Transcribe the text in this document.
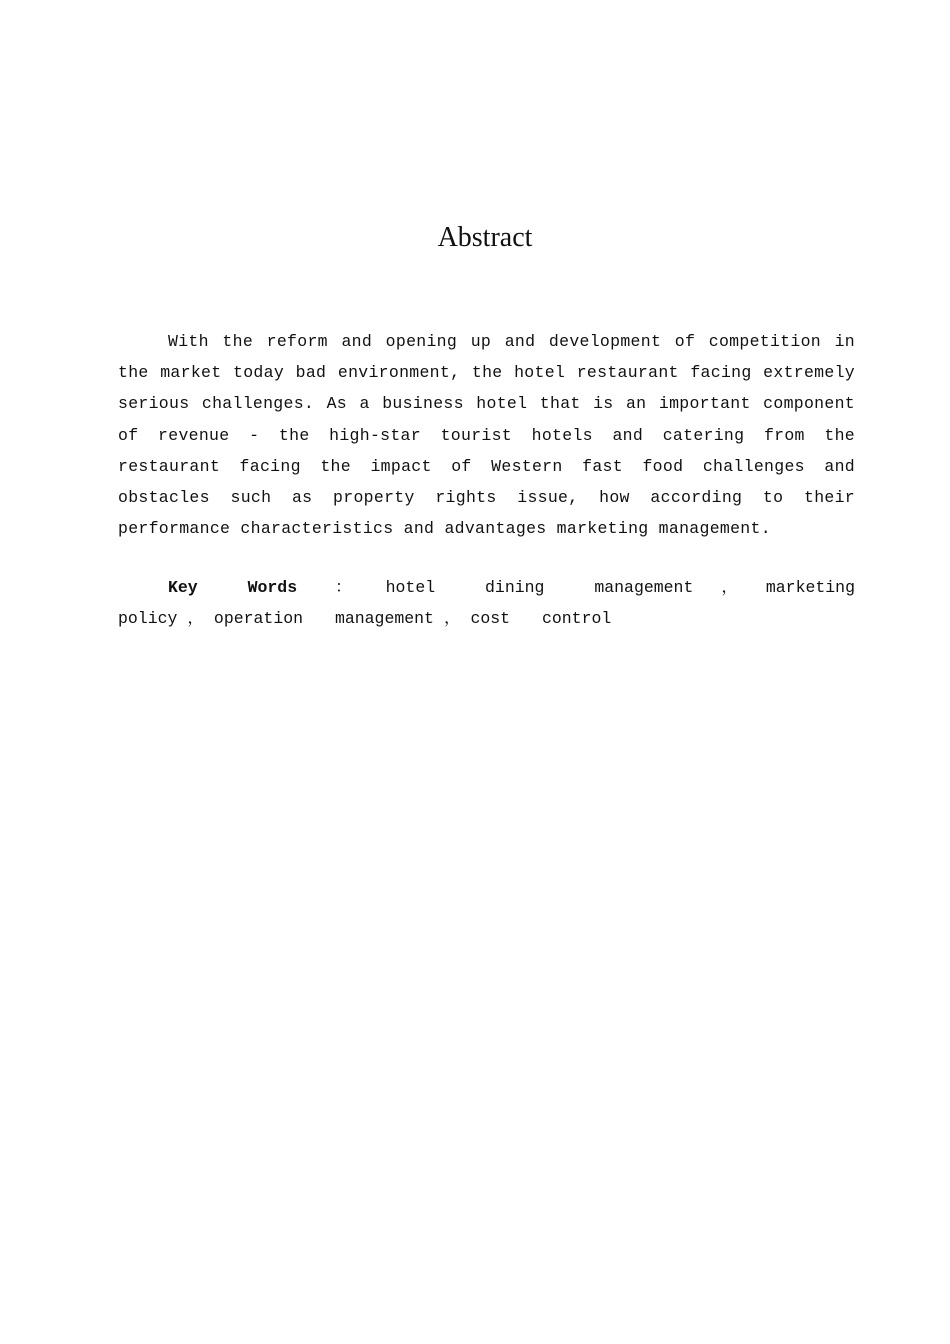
Abstract

With the reform and opening up and development of competition in the market today bad environment, the hotel restaurant facing extremely serious challenges. As a business hotel that is an important component of revenue - the high-star tourist hotels and catering from the restaurant facing the impact of Western fast food challenges and obstacles such as property rights issue, how according to their performance characteristics and advantages marketing management.

Key Words ： hotel dining management ， marketing policy ， operation management ， cost control
